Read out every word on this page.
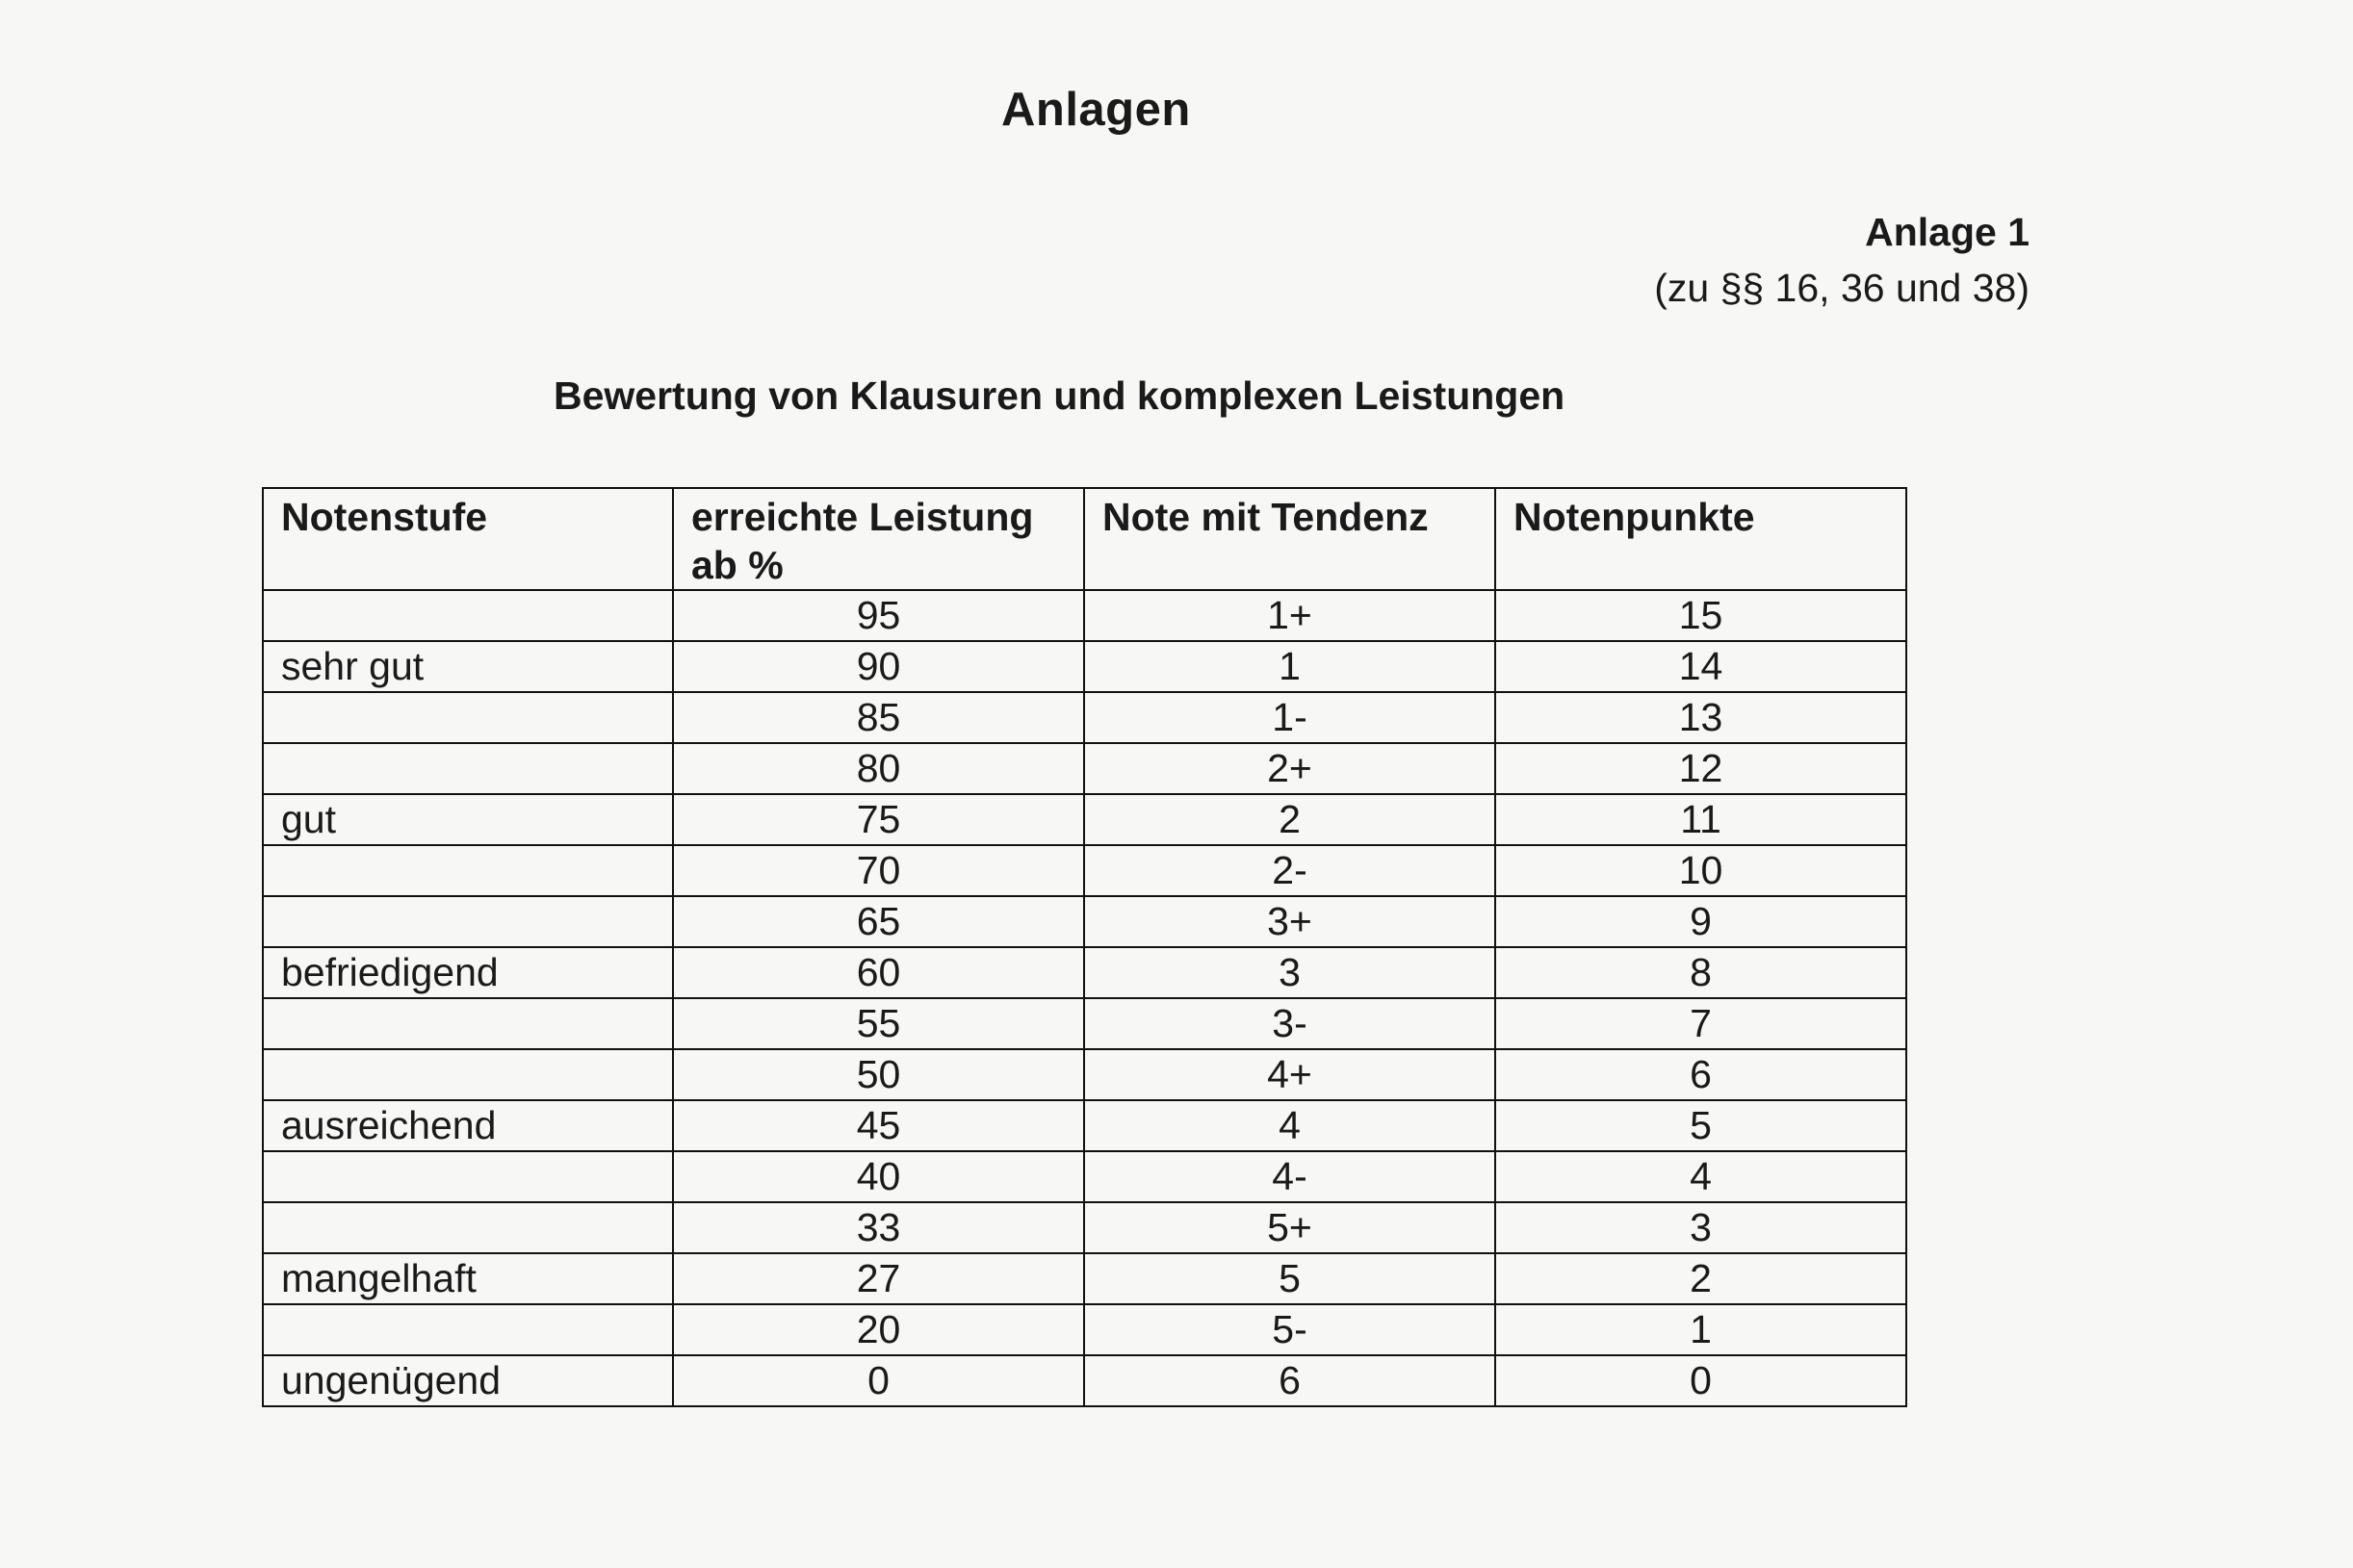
Anlagen
Anlage 1
(zu §§ 16, 36 und 38)
Bewertung von Klausuren und komplexen Leistungen
Notenstufe	erreichte Leistung ab %	Note mit Tendenz	Notenpunkte
	95	1+	15
sehr gut	90	1	14
	85	1-	13
	80	2+	12
gut	75	2	11
	70	2-	10
	65	3+	9
befriedigend	60	3	8
	55	3-	7
	50	4+	6
ausreichend	45	4	5
	40	4-	4
	33	5+	3
mangelhaft	27	5	2
	20	5-	1
ungenügend	0	6	0
